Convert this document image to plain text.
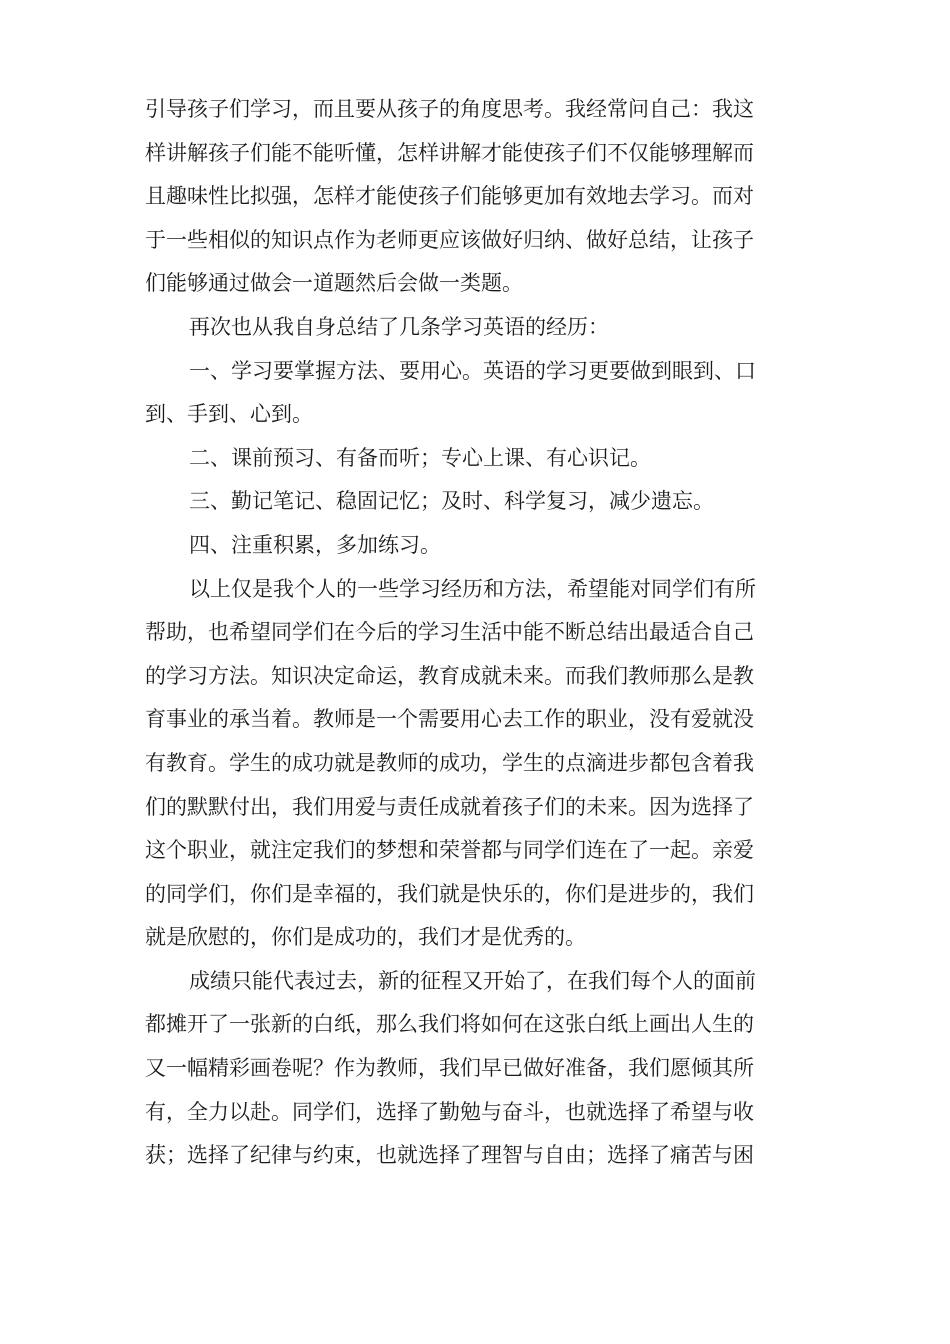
引导孩子们学习，而且要从孩子的角度思考。我经常问自己：我这
样讲解孩子们能不能听懂，怎样讲解才能使孩子们不仅能够理解而
且趣味性比拟强，怎样才能使孩子们能够更加有效地去学习。而对
于一些相似的知识点作为老师更应该做好归纳、做好总结，让孩子
们能够通过做会一道题然后会做一类题。
再次也从我自身总结了几条学习英语的经历：
一、学习要掌握方法、要用心。英语的学习更要做到眼到、口
到、手到、心到。
二、课前预习、有备而听；专心上课、有心识记。
三、勤记笔记、稳固记忆；及时、科学复习，减少遗忘。
四、注重积累，多加练习。
以上仅是我个人的一些学习经历和方法，希望能对同学们有所
帮助，也希望同学们在今后的学习生活中能不断总结出最适合自己
的学习方法。知识决定命运，教育成就未来。而我们教师那么是教
育事业的承当着。教师是一个需要用心去工作的职业，没有爱就没
有教育。学生的成功就是教师的成功，学生的点滴进步都包含着我
们的默默付出，我们用爱与责任成就着孩子们的未来。因为选择了
这个职业，就注定我们的梦想和荣誉都与同学们连在了一起。亲爱
的同学们，你们是幸福的，我们就是快乐的，你们是进步的，我们
就是欣慰的，你们是成功的，我们才是优秀的。
成绩只能代表过去，新的征程又开始了，在我们每个人的面前
都摊开了一张新的白纸，那么我们将如何在这张白纸上画出人生的
又一幅精彩画卷呢？作为教师，我们早已做好准备，我们愿倾其所
有，全力以赴。同学们，选择了勤勉与奋斗，也就选择了希望与收
获；选择了纪律与约束，也就选择了理智与自由；选择了痛苦与困
